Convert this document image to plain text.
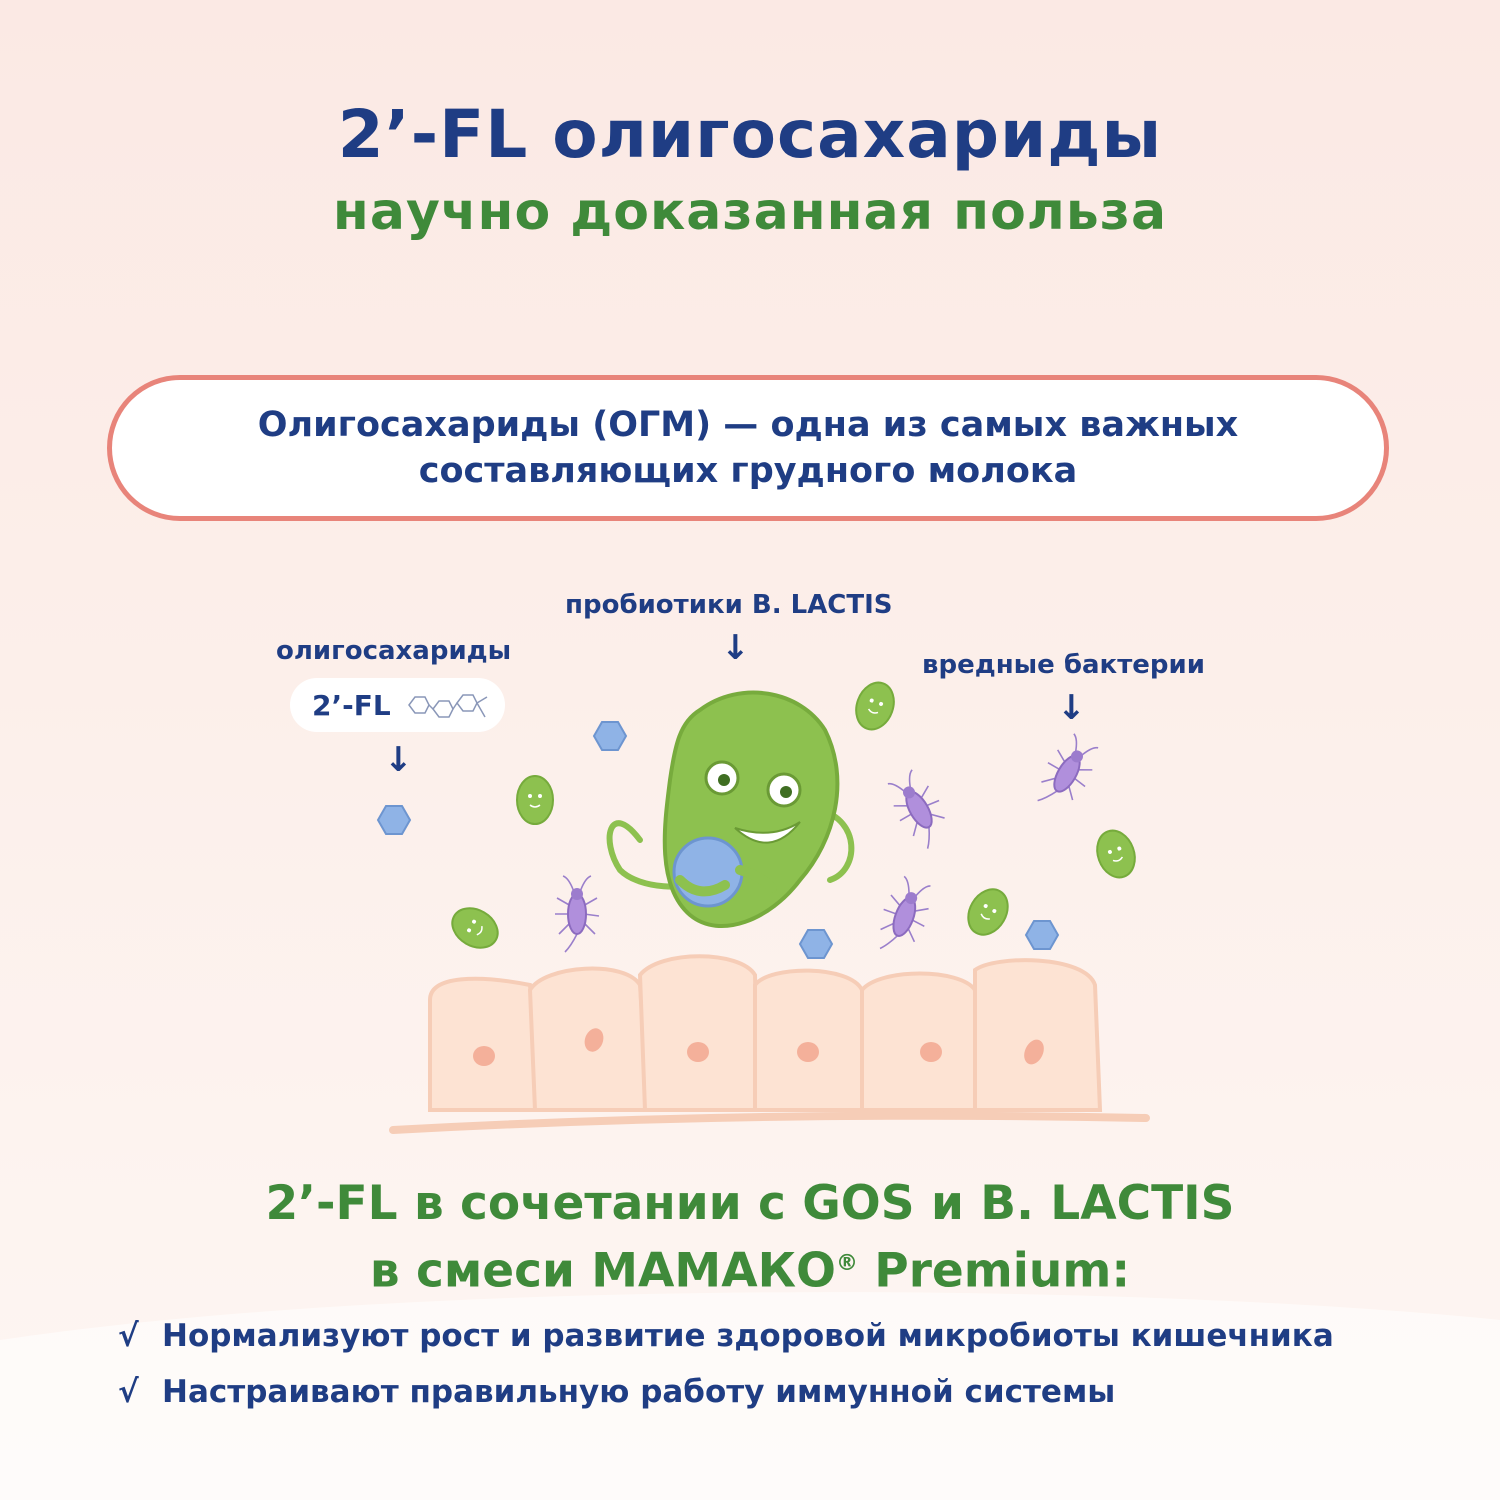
2’-FL олигосахариды
научно доказанная польза
Олигосахариды (ОГМ) — одна из самых важных
составляющих грудного молока
олигосахариды
2’-FL
↓
пробиотики B. LACTIS
↓	вредные бактерии
↓
2’-FL в сочетании с GOS и B. LACTIS
в смеси МАМАКО® Premium:
√ Нормализуют рост и развитие здоровой микробиоты кишечника
√ Настраивают правильную работу иммунной системы
